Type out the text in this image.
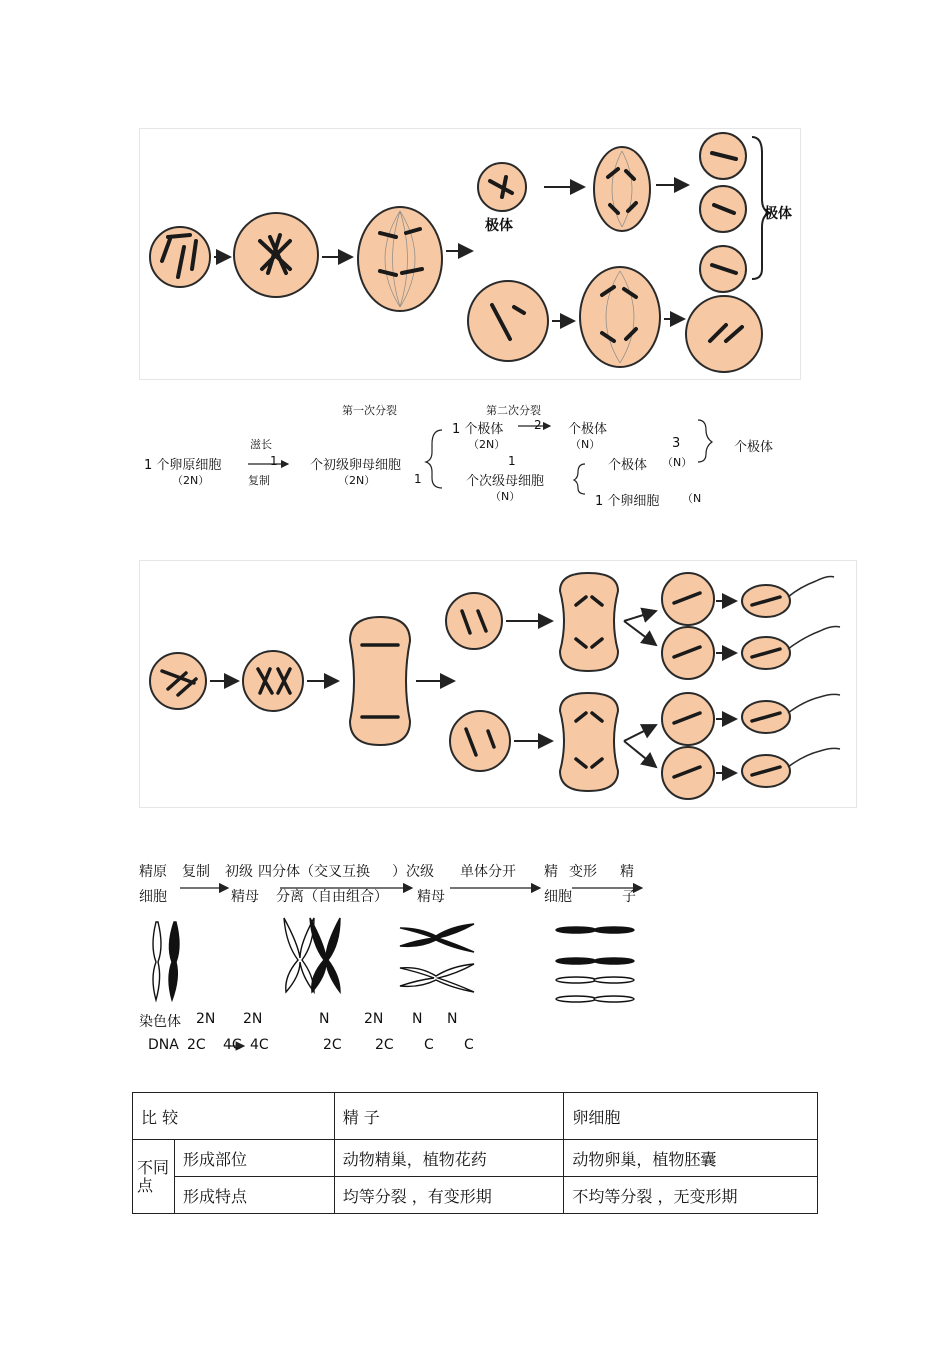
极体
极体
第一次分裂	第二次分裂
1 个卵原细胞
（2N）
滋长
1
复制
个初级卵母细胞
（2N）	1
1 个极体
（2N）
2 个极体
（N）	3	个极体
1	个极体 （N）
个次级母细胞
（N）	1 个卵细胞 （N
精原 复制 初级 四分体（交叉互换 ） 次级 单体分开 精 变形 精
细胞	精母 分离（自由组合） 精母	细胞	子
染色体 2N 2N	N 2N N N
DNA 2C 4C 4C	2C 2C C C
比 较		精 子	卵细胞
不同点	形成部位	动物精巢，植物花药	动物卵巢，植物胚囊
	形成特点	均等分裂 ，有变形期	不均等分裂 ，无变形期
